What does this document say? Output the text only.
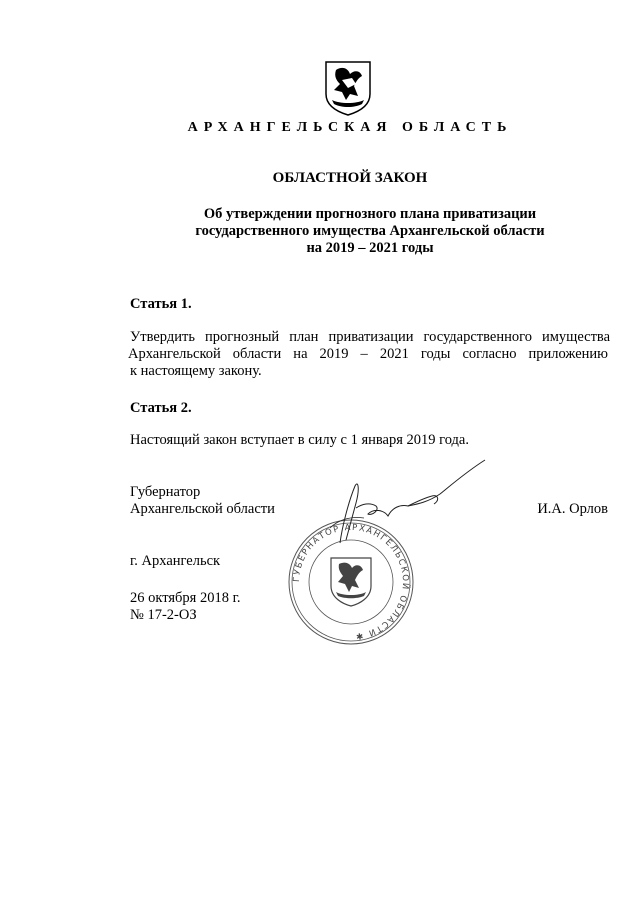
АРХАНГЕЛЬСКАЯ ОБЛАСТЬ
ОБЛАСТНОЙ ЗАКОН
Об утверждении прогнозного плана приватизации
государственного имущества Архангельской области
на 2019 – 2021 годы
Статья 1.
Утвердить прогнозный план приватизации государственного имущества
Архангельской области на 2019 – 2021 годы согласно приложению
к настоящему закону.
Статья 2.
Настоящий закон вступает в силу с 1 января 2019 года.
Губернатор
Архангельской области
ГУБЕРНАТОР АРХАНГЕЛЬСКОЙ ОБЛАСТИ ✱
И.А. Орлов
г. Архангельск
26 октября 2018 г.
№ 17-2-ОЗ
